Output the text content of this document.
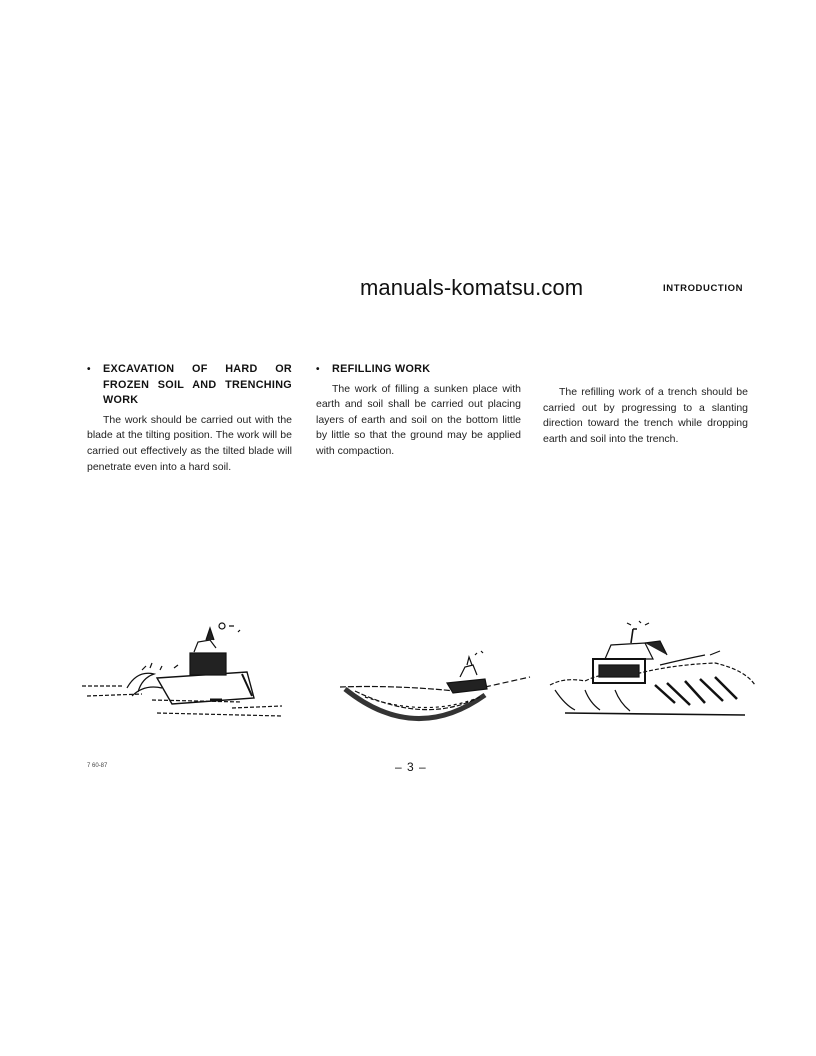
manuals-komatsu.com	INTRODUCTION
•	EXCAVATION OF HARD OR FROZEN SOIL AND TRENCHING WORK

The work should be carried out with the blade at the tilting position. The work will be carried out effectively as the tilted blade will penetrate even into a hard soil.

•	REFILLING WORK

The work of filling a sunken place with earth and soil shall be carried out placing layers of earth and soil on the bottom little by little so that the ground may be applied with compaction.

The refilling work of a trench should be carried out by progressing to a slanting direction toward the trench while dropping earth and soil into the trench.

7 60-87	– 3 –
